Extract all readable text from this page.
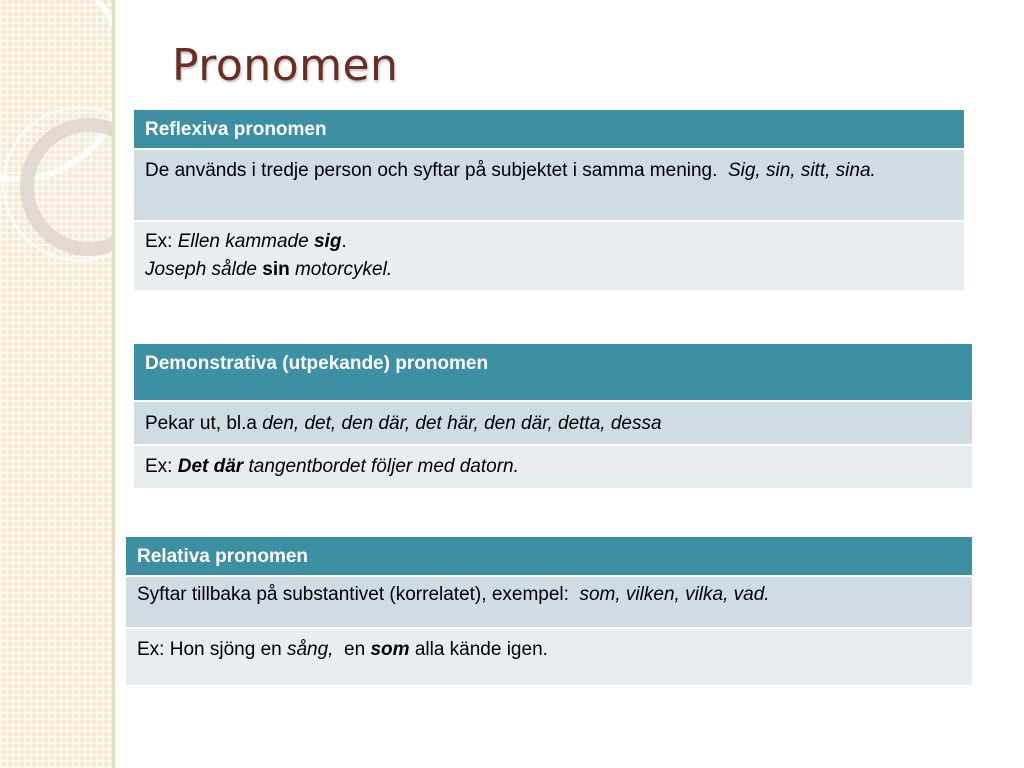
Pronomen
Reflexiva pronomen
De används i tredje person och syftar på subjektet i samma mening. Sig, sin, sitt, sina.
Ex: Ellen kammade sig.
Joseph sålde sin motorcykel.
Demonstrativa (utpekande) pronomen
Pekar ut, bl.a den, det, den där, det här, den där, detta, dessa
Ex: Det där tangentbordet följer med datorn.
Relativa pronomen
Syftar tillbaka på substantivet (korrelatet), exempel: som, vilken, vilka, vad.
Ex: Hon sjöng en sång, en som alla kände igen.
